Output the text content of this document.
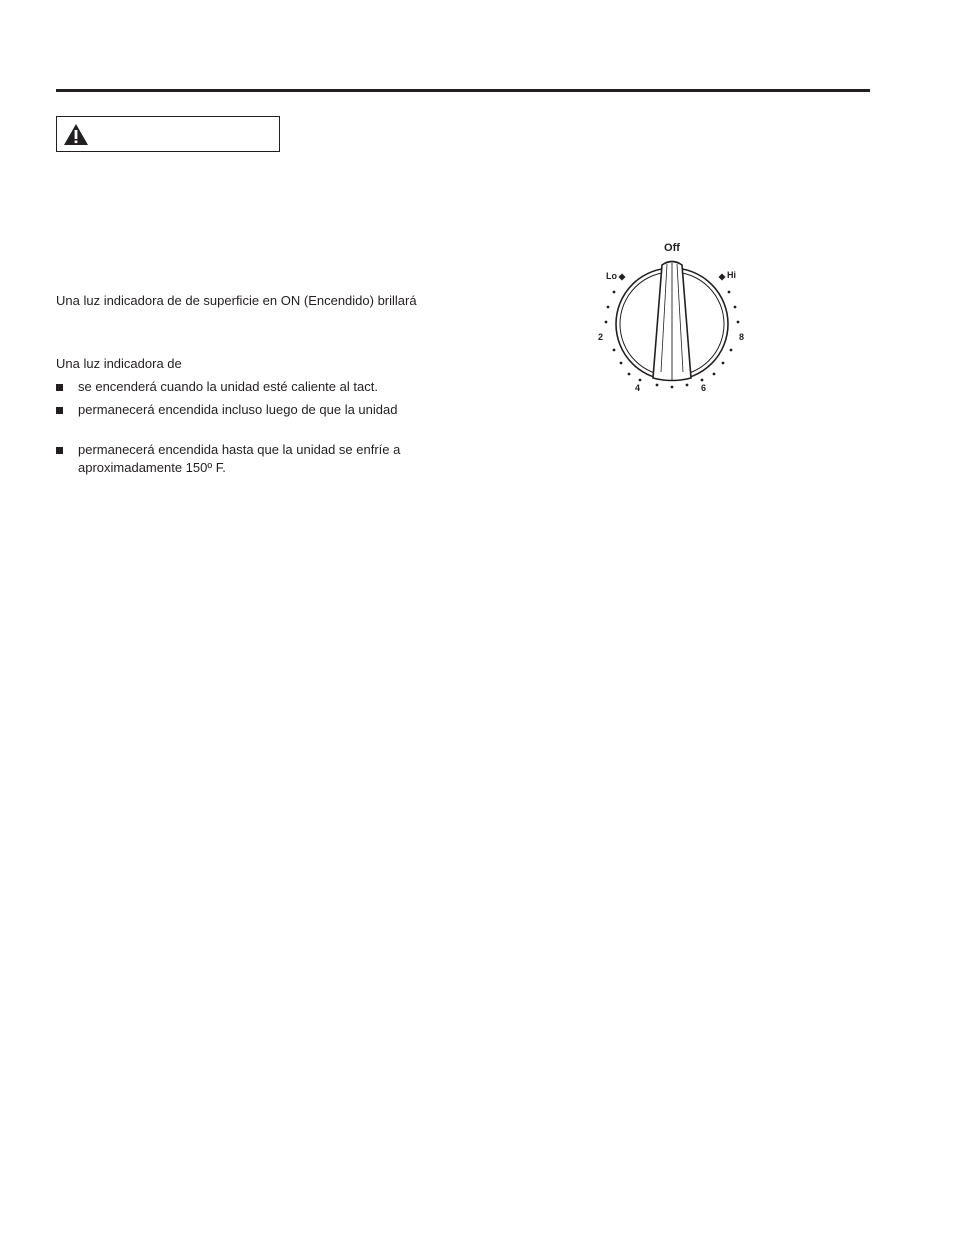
Una luz indicadora de de superficie en ON (Encendido) brillará
Una luz indicadora de
se encenderá cuando la unidad esté caliente al tact.
permanecerá encendida incluso luego de que la unidad
permanecerá encendida hasta que la unidad se enfríe a
aproximadamente 150º F.
Off
Lo	Hi
2	8
4	6
